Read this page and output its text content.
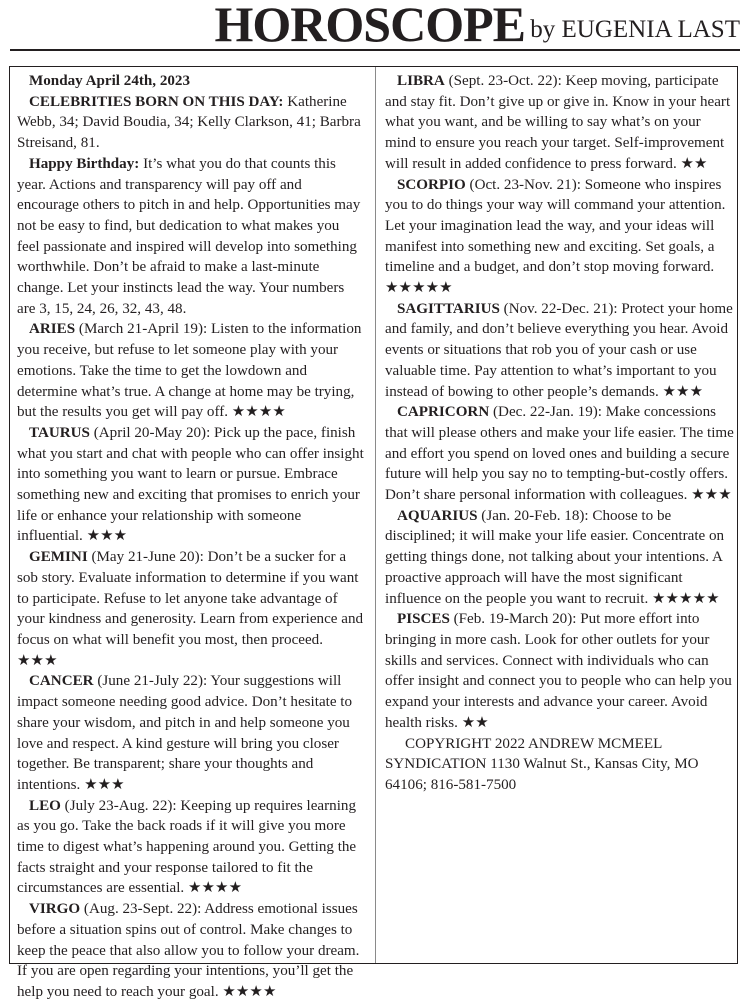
HOROSCOPE by EUGENIA LAST

Monday April 24th, 2023

CELEBRITIES BORN ON THIS DAY: Katherine Webb, 34; David Boudia, 34; Kelly Clarkson, 41; Barbra Streisand, 81.

Happy Birthday: It’s what you do that counts this year. Actions and transparency will pay off and encourage others to pitch in and help. Opportunities may not be easy to find, but dedication to what makes you feel passionate and inspired will develop into something worthwhile. Don’t be afraid to make a last-minute change. Let your instincts lead the way. Your numbers are 3, 15, 24, 26, 32, 43, 48.

ARIES (March 21-April 19): Listen to the information you receive, but refuse to let someone play with your emotions. Take the time to get the lowdown and determine what’s true. A change at home may be trying, but the results you get will pay off. ★★★★

TAURUS (April 20-May 20): Pick up the pace, finish what you start and chat with people who can offer insight into something you want to learn or pursue. Embrace something new and exciting that promises to enrich your life or enhance your relationship with someone influential. ★★★

GEMINI (May 21-June 20): Don’t be a sucker for a sob story. Evaluate information to determine if you want to participate. Refuse to let anyone take advantage of your kindness and generosity. Learn from experience and focus on what will benefit you most, then proceed. ★★★

CANCER (June 21-July 22): Your suggestions will impact someone needing good advice. Don’t hesitate to share your wisdom, and pitch in and help someone you love and respect. A kind gesture will bring you closer together. Be transparent; share your thoughts and intentions. ★★★

LEO (July 23-Aug. 22): Keeping up requires learning as you go. Take the back roads if it will give you more time to digest what’s happening around you. Getting the facts straight and your response tailored to fit the circumstances are essential. ★★★★

VIRGO (Aug. 23-Sept. 22): Address emotional issues before a situation spins out of control. Make changes to keep the peace that also allow you to follow your dream. If you are open regarding your intentions, you’ll get the help you need to reach your goal. ★★★★

LIBRA (Sept. 23-Oct. 22): Keep moving, participate and stay fit. Don’t give up or give in. Know in your heart what you want, and be willing to say what’s on your mind to ensure you reach your target. Self-improvement will result in added confidence to press forward. ★★

SCORPIO (Oct. 23-Nov. 21): Someone who inspires you to do things your way will command your attention. Let your imagination lead the way, and your ideas will manifest into something new and exciting. Set goals, a timeline and a budget, and don’t stop moving forward. ★★★★★

SAGITTARIUS (Nov. 22-Dec. 21): Protect your home and family, and don’t believe everything you hear. Avoid events or situations that rob you of your cash or use valuable time. Pay attention to what’s important to you instead of bowing to other people’s demands. ★★★

CAPRICORN (Dec. 22-Jan. 19): Make concessions that will please others and make your life easier. The time and effort you spend on loved ones and building a secure future will help you say no to tempting-but-costly offers. Don’t share personal information with colleagues. ★★★

AQUARIUS (Jan. 20-Feb. 18): Choose to be disciplined; it will make your life easier. Concentrate on getting things done, not talking about your intentions. A proactive approach will have the most significant influence on the people you want to recruit. ★★★★★

PISCES (Feb. 19-March 20): Put more effort into bringing in more cash. Look for other outlets for your skills and services. Connect with individuals who can offer insight and connect you to people who can help you expand your interests and advance your career. Avoid health risks. ★★

COPYRIGHT 2022 ANDREW MCMEEL SYNDICATION 1130 Walnut St., Kansas City, MO 64106; 816-581-7500
